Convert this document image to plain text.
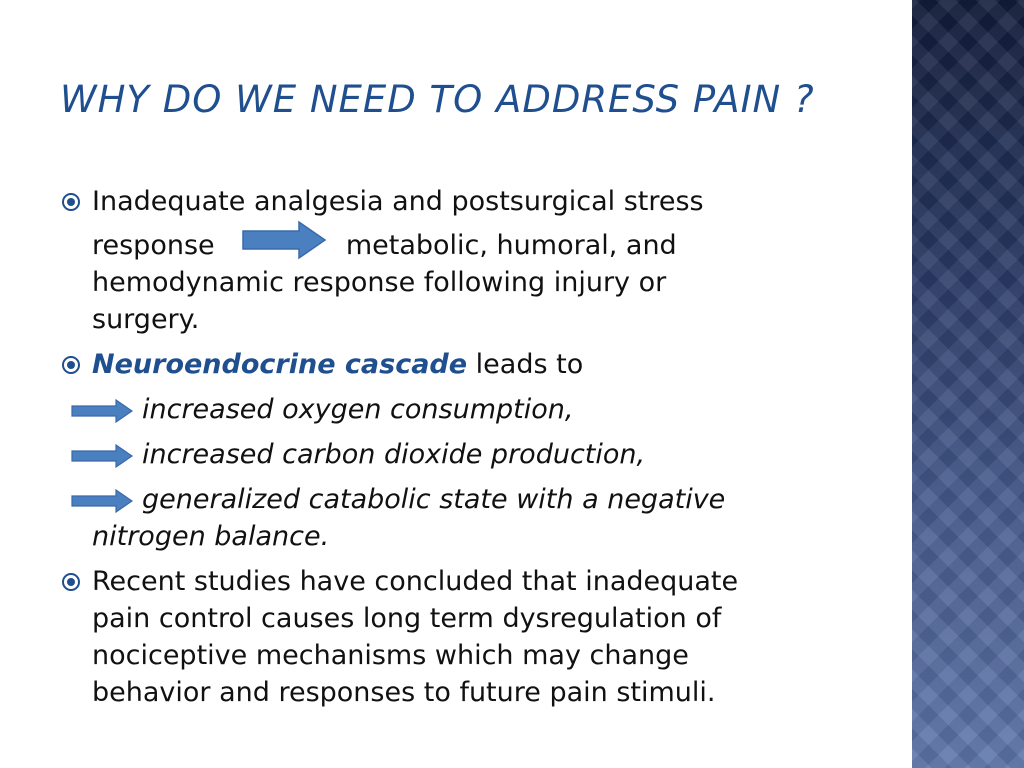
WHY DO WE NEED TO ADDRESS PAIN ?
Inadequate analgesia and postsurgical stress
response	metabolic, humoral, and
hemodynamic response following injury or
surgery.
Neuroendocrine cascade leads to
increased oxygen consumption,
increased carbon dioxide production,
generalized catabolic state with a negative
nitrogen balance.
Recent studies have concluded that inadequate
pain control causes long term dysregulation of
nociceptive mechanisms which may change
behavior and responses to future pain stimuli.
